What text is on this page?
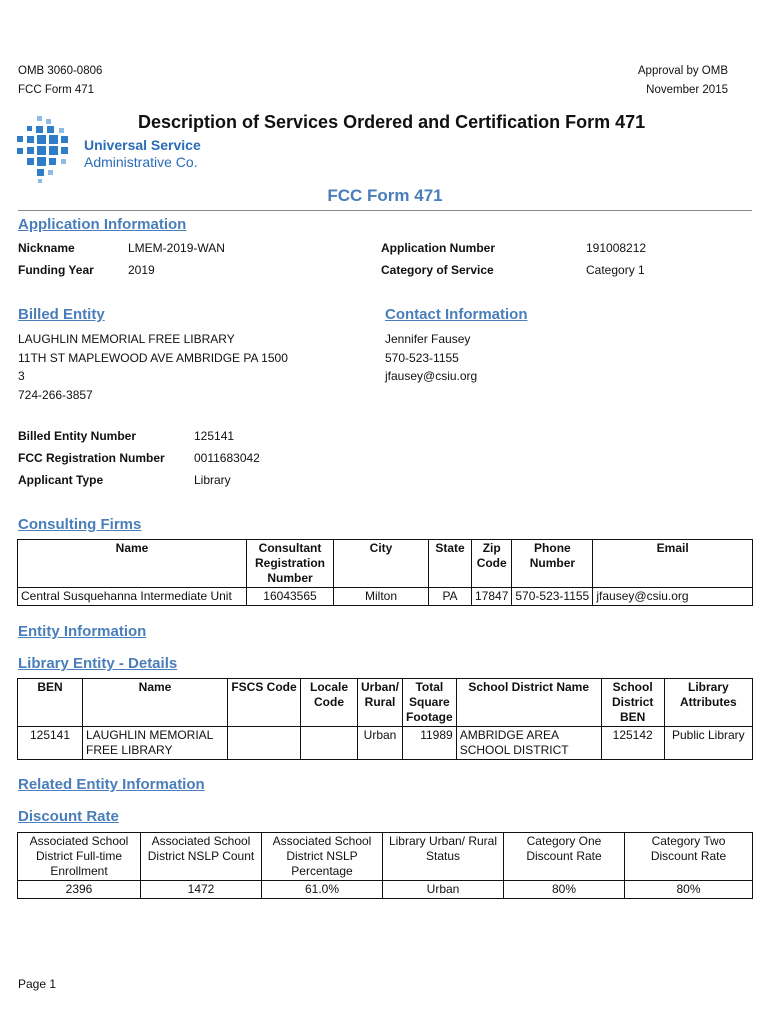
OMB 3060-0806
FCC Form 471
Approval by OMB
November 2015
Description of Services Ordered and Certification Form 471
Universal Service
Administrative Co.
FCC Form 471
Application Information
Nickname	LMEM-2019-WAN	Application Number	191008212
Funding Year	2019	Category of Service	Category 1
Billed Entity
LAUGHLIN MEMORIAL FREE LIBRARY
11TH ST MAPLEWOOD AVE AMBRIDGE PA 1500
3
724-266-3857
Contact Information
Jennifer Fausey
570-523-1155
jfausey@csiu.org
Billed Entity Number	125141
FCC Registration Number 0011683042
Applicant Type	Library
Consulting Firms
Name	Consultant Registration Number	City	State	Zip Code	Phone Number	Email
Central Susquehanna Intermediate Unit	16043565	Milton	PA	17847	570-523-1155	jfausey@csiu.org
Entity Information
Library Entity - Details
BEN	Name	FSCS Code	Locale Code	Urban/ Rural	Total Square Footage	School District Name	School District BEN	Library Attributes
125141	LAUGHLIN MEMORIAL FREE LIBRARY			Urban	11989	AMBRIDGE AREA SCHOOL DISTRICT	125142	Public Library
Related Entity Information
Discount Rate
Associated School District Full-time Enrollment	Associated School District NSLP Count	Associated School District NSLP Percentage	Library Urban/ Rural Status	Category One Discount Rate	Category Two Discount Rate
2396	1472	61.0%	Urban	80%	80%
Page 1
